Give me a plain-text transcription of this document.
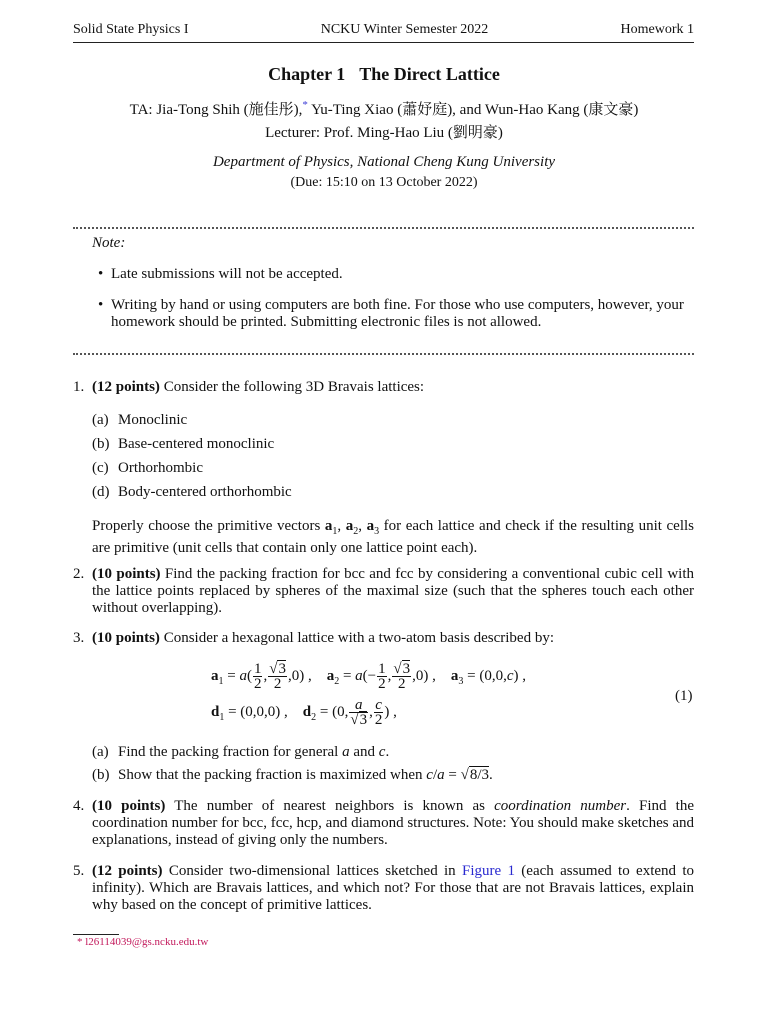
Solid State Physics I	NCKU Winter Semester 2022	Homework 1
Chapter 1 The Direct Lattice
TA: Jia-Tong Shih (施佳彤),* Yu-Ting Xiao (蕭妤庭), and Wun-Hao Kang (康文豪)
Lecturer: Prof. Ming-Hao Liu (劉明豪)
Department of Physics, National Cheng Kung University
(Due: 15:10 on 13 October 2022)
Note:
• Late submissions will not be accepted.
• Writing by hand or using computers are both fine. For those who use computers, however, your homework should be printed. Submitting electronic files is not allowed.
1. (12 points) Consider the following 3D Bravais lattices:
(a) Monoclinic
(b) Base-centered monoclinic
(c) Orthorhombic
(d) Body-centered orthorhombic
Properly choose the primitive vectors $a_1$, $a_2$, $a_3$ for each lattice and check if the resulting unit cells are primitive (unit cells that contain only one lattice point each).
2. (10 points) Find the packing fraction for bcc and fcc by considering a conventional cubic cell with the lattice points replaced by spheres of the maximal size (such that the spheres touch each other without overlapping).
3. (10 points) Consider a hexagonal lattice with a two-atom basis described by:
$a_1 = a( \frac{1}{2}$ , $\frac{√3}{2} ,0$) ,    $a_2 = a(- \frac{1}{2}$ , $\frac{√3}{2} ,0$) ,    $a_3 = (0,0,c)$ ,
$d_1 = (0,0,0)$ ,    $d_2 = (0$, $\frac{a}{√3}$ , $\frac{c}{2}$ ) ,
(1)
(a) Find the packing fraction for general a and c.
(b) Show that the packing fraction is maximized when c/a = √8/3.
4. (10 points) The number of nearest neighbors is known as coordination number. Find the coordination number for bcc, fcc, hcp, and diamond structures. Note: You should make sketches and explanations, instead of giving only the numbers.
5. (12 points) Consider two-dimensional lattices sketched in Figure 1 (each assumed to extend to infinity). Which are Bravais lattices, and which not? For those that are not Bravais lattices, explain why based on the concept of primitive lattices.
* l26114039@gs.ncku.edu.tw
